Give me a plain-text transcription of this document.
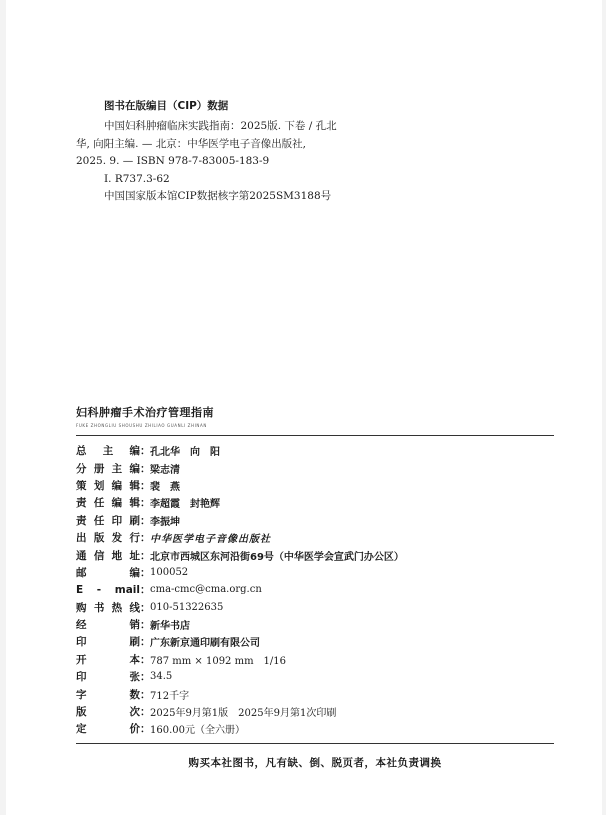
图书在版编目（CIP）数据
中国妇科肿瘤临床实践指南：2025版. 下卷 / 孔北
华, 向阳主编. — 北京：中华医学电子音像出版社,
2025. 9. — ISBN 978-7-83005-183-9
Ⅰ. R737.3-62
中国国家版本馆CIP数据核字第2025SM3188号
妇科肿瘤手术治疗管理指南
FUKE ZHONGLIU SHOUSHU ZHILIAO GUANLI ZHINAN
总 主 编 ： 孔北华　向　阳
分册主编 ： 梁志清
策划编辑 ： 裴　燕
责任编辑 ： 李超霞　封艳辉
责任印刷 ： 李振坤
出版发行 ： 中华医学电子音像出版社
通信地址 ： 北京市西城区东河沿街69号（中华医学会宣武门办公区）
邮　　编 ： 100052
E - mail ： cma-cmc@cma.org.cn
购书热线 ： 010-51322635
经　　销 ： 新华书店
印　　刷 ： 广东新京通印刷有限公司
开　　本 ： 787 mm × 1092 mm　1/16
印　　张 ： 34.5
字　　数 ： 712千字
版　　次 ： 2025年9月第1版　2025年9月第1次印刷
定　　价 ： 160.00元（全六册）
购买本社图书，凡有缺、倒、脱页者，本社负责调换
